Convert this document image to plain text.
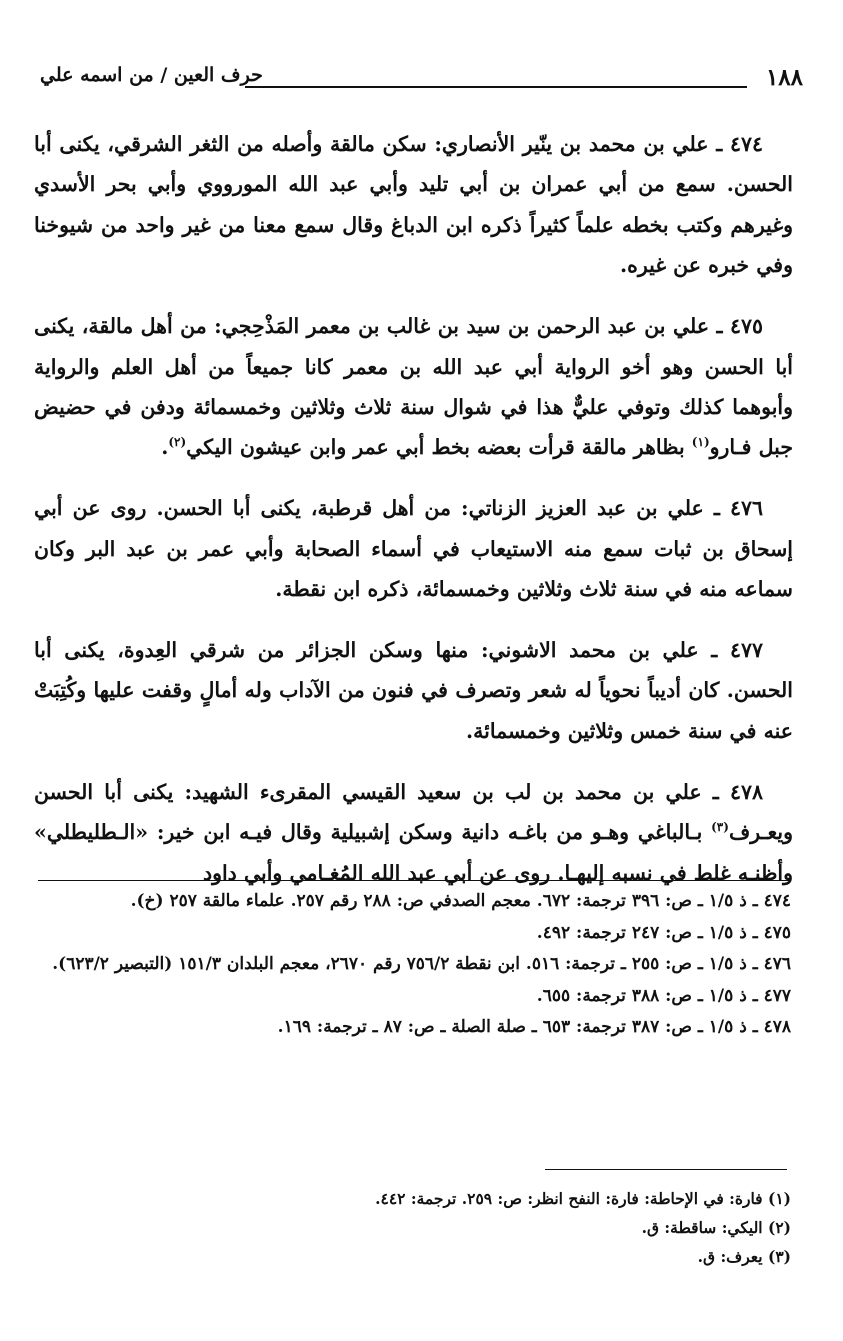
١٨٨
حرف العين / من اسمه علي

٤٧٤ ـ علي بن محمد بن ينّير الأنصاري: سكن مالقة وأصله من الثغر الشرقي، يكنى أبا الحسن. سمع من أبي عمران بن أبي تليد وأبي عبد الله المورووي وأبي بحر الأسدي وغيرهم وكتب بخطه علماً كثيراً ذكره ابن الدباغ وقال سمع معنا من غير واحد من شيوخنا وفي خبره عن غيره.

٤٧٥ ـ علي بن عبد الرحمن بن سيد بن غالب بن معمر المَذْحِجي: من أهل مالقة، يكنى أبا الحسن وهو أخو الرواية أبي عبد الله بن معمر كانا جميعاً من أهل العلم والرواية وأبوهما كذلك وتوفي عليٌّ هذا في شوال سنة ثلاث وثلاثين وخمسمائة ودفن في حضيض جبل فـارو$^{(١)}$ بظاهر مالقة قرأت بعضه بخط أبي عمر وابن عيشون اليكي$^{(٢)}$.

٤٧٦ ـ علي بن عبد العزيز الزناتي: من أهل قرطبة، يكنى أبا الحسن. روى عن أبي إسحاق بن ثبات سمع منه الاستيعاب في أسماء الصحابة وأبي عمر بن عبد البر وكان سماعه منه في سنة ثلاث وثلاثين وخمسمائة، ذكره ابن نقطة.

٤٧٧ ـ علي بن محمد الاشوني: منها وسكن الجزائر من شرقي العِدوة، يكنى أبا الحسن. كان أديباً نحوياً له شعر وتصرف في فنون من الآداب وله أمالٍ وقفت عليها وكُتِبَتْ عنه في سنة خمس وثلاثين وخمسمائة.

٤٧٨ ـ علي بن محمد بن لب بن سعيد القيسي المقرىء الشهيد: يكنى أبا الحسن ويعـرف$^{(٣)}$ بـالباغي وهـو من باغـه دانية وسكن إشبيلية وقال فيـه ابن خير: «الـطليطلي» وأظنـه غلط في نسبه إليهـا. روى عن أبي عبد الله المُغـامي وأبي داود

٤٧٤ ـ ذ ١/٥ ـ ص: ٣٩٦ ترجمة: ٦٧٢. معجم الصدفي ص: ٢٨٨ رقم ٢٥٧. علماء مالقة ٢٥٧ (خ).
٤٧٥ ـ ذ ١/٥ ـ ص: ٢٤٧ ترجمة: ٤٩٢.
٤٧٦ ـ ذ ١/٥ ـ ص: ٢٥٥ ـ ترجمة: ٥١٦. ابن نقطة ٧٥٦/٢ رقم ٢٦٧٠، معجم البلدان ١٥١/٣ (التبصير ٦٢٣/٢).
٤٧٧ ـ ذ ١/٥ ـ ص: ٣٨٨ ترجمة: ٦٥٥.
٤٧٨ ـ ذ ١/٥ ـ ص: ٣٨٧ ترجمة: ٦٥٣ ـ صلة الصلة ـ ص: ٨٧ ـ ترجمة: ١٦٩.
(١) فارة: في الإحاطة: فارة: النفح انظر: ص: ٢٥٩. ترجمة: ٤٤٢.
(٢) اليكي: ساقطة: ق.
(٣) يعرف: ق.
